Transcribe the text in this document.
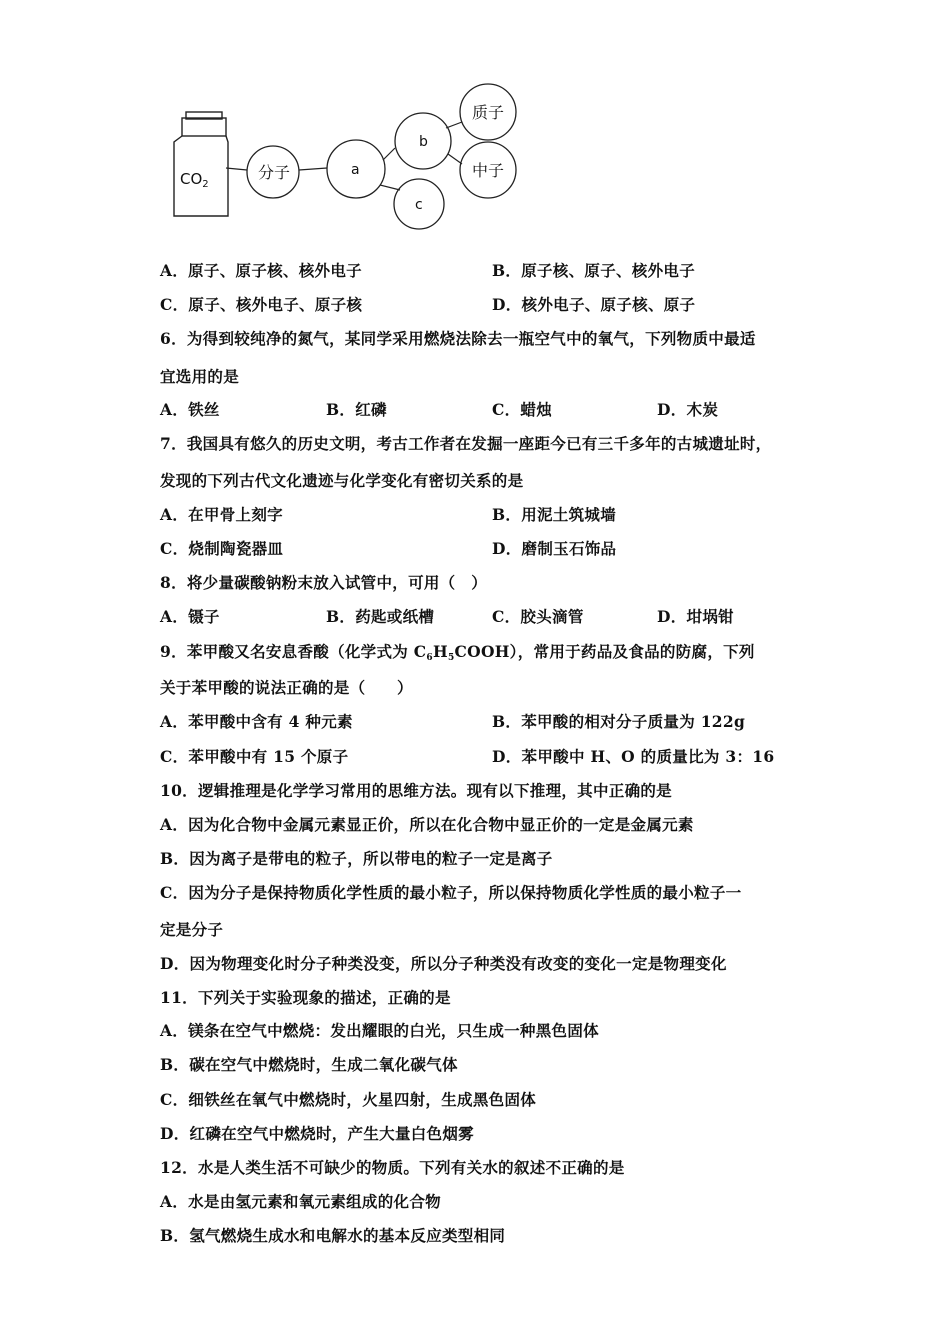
$CO_2$
分子	a
b
c
质子
中子
A．原子、原子核、核外电子	B．原子核、原子、核外电子
C．原子、核外电子、原子核	D．核外电子、原子核、原子
6．为得到较纯净的氮气，某同学采用燃烧法除去一瓶空气中的氧气，下列物质中最适
宜选用的是
A．铁丝	B．红磷	C．蜡烛	D．木炭
7．我国具有悠久的历史文明，考古工作者在发掘一座距今已有三千多年的古城遗址时，
发现的下列古代文化遗迹与化学变化有密切关系的是
A．在甲骨上刻字	B．用泥土筑城墙
C．烧制陶瓷器皿	D．磨制玉石饰品
8．将少量碳酸钠粉末放入试管中，可用（　）
A．镊子	B．药匙或纸槽	C．胶头滴管	D．坩埚钳
9．苯甲酸又名安息香酸（化学式为 $C_6H_5COOH$），常用于药品及食品的防腐，下列
关于苯甲酸的说法正确的是（　　）
A．苯甲酸中含有 4 种元素	B．苯甲酸的相对分子质量为 122g
C．苯甲酸中有 15 个原子	D．苯甲酸中 H、O 的质量比为 3：16
10．逻辑推理是化学学习常用的思维方法。现有以下推理，其中正确的是
A．因为化合物中金属元素显正价，所以在化合物中显正价的一定是金属元素
B．因为离子是带电的粒子，所以带电的粒子一定是离子
C．因为分子是保持物质化学性质的最小粒子，所以保持物质化学性质的最小粒子一
定是分子
D．因为物理变化时分子种类没变，所以分子种类没有改变的变化一定是物理变化
11．下列关于实验现象的描述，正确的是
A．镁条在空气中燃烧：发出耀眼的白光，只生成一种黑色固体
B．碳在空气中燃烧时，生成二氧化碳气体
C．细铁丝在氧气中燃烧时，火星四射，生成黑色固体
D．红磷在空气中燃烧时，产生大量白色烟雾
12．水是人类生活不可缺少的物质。下列有关水的叙述不正确的是
A．水是由氢元素和氧元素组成的化合物
B．氢气燃烧生成水和电解水的基本反应类型相同
